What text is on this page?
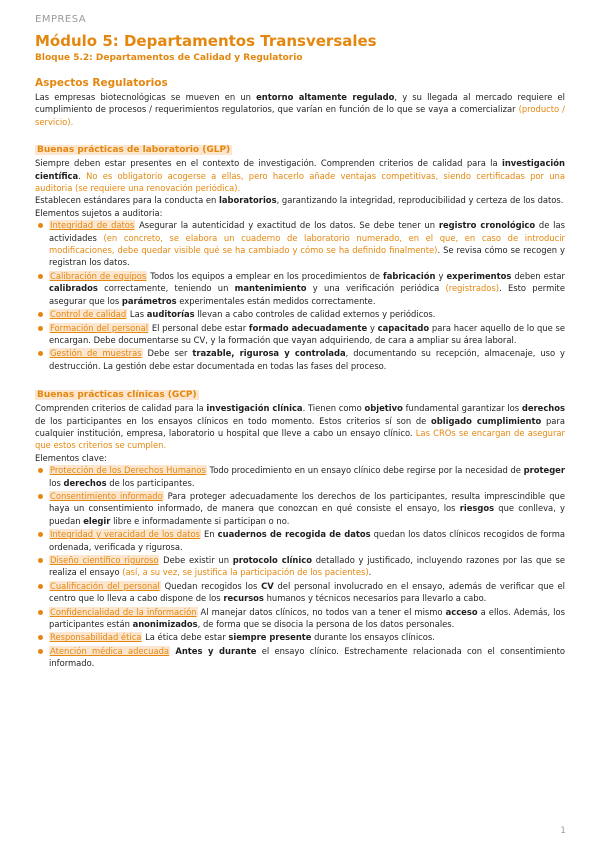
EMPRESA
Módulo 5: Departamentos Transversales
Bloque 5.2: Departamentos de Calidad y Regulatorio
Aspectos Regulatorios

Las empresas biotecnológicas se mueven en un entorno altamente regulado, y su llegada al mercado requiere el cumplimiento de procesos / requerimientos regulatorios, que varían en función de lo que se vaya a comercializar (producto / servicio).

Buenas prácticas de laboratorio (GLP)

Siempre deben estar presentes en el contexto de investigación. Comprenden criterios de calidad para la investigación científica. No es obligatorio acogerse a ellas, pero hacerlo añade ventajas competitivas, siendo certificadas por una auditoria (se requiere una renovación periódica).

Establecen estándares para la conducta en laboratorios, garantizando la integridad, reproducibilidad y certeza de los datos.

Elementos sujetos a auditoria:

Integridad de datos Asegurar la autenticidad y exactitud de los datos. Se debe tener un registro cronológico de las actividades (en concreto, se elabora un cuaderno de laboratorio numerado, en el que, en caso de introducir modificaciones, debe quedar visible qué se ha cambiado y cómo se ha definido finalmente). Se revisa cómo se recogen y registran los datos.
Calibración de equipos Todos los equipos a emplear en los procedimientos de fabricación y experimentos deben estar calibrados correctamente, teniendo un mantenimiento y una verificación periódica (registrados). Esto permite asegurar que los parámetros experimentales están medidos correctamente.
Control de calidad Las auditorías llevan a cabo controles de calidad externos y periódicos.
Formación del personal El personal debe estar formado adecuadamente y capacitado para hacer aquello de lo que se encargan. Debe documentarse su CV, y la formación que vayan adquiriendo, de cara a ampliar su área laboral.
Gestión de muestras Debe ser trazable, rigurosa y controlada, documentando su recepción, almacenaje, uso y destrucción. La gestión debe estar documentada en todas las fases del proceso.
Buenas prácticas clínicas (GCP)

Comprenden criterios de calidad para la investigación clínica. Tienen como objetivo fundamental garantizar los derechos de los participantes en los ensayos clínicos en todo momento. Estos criterios sí son de obligado cumplimiento para cualquier institución, empresa, laboratorio u hospital que lleve a cabo un ensayo clínico. Las CROs se encargan de asegurar que estos criterios se cumplen.

Elementos clave:

Protección de los Derechos Humanos Todo procedimiento en un ensayo clínico debe regirse por la necesidad de proteger los derechos de los participantes.
Consentimiento informado Para proteger adecuadamente los derechos de los participantes, resulta imprescindible que haya un consentimiento informado, de manera que conozcan en qué consiste el ensayo, los riesgos que conlleva, y puedan elegir libre e informadamente si participan o no.
Integridad y veracidad de los datos En cuadernos de recogida de datos quedan los datos clínicos recogidos de forma ordenada, verificada y rigurosa.
Diseño científico riguroso Debe existir un protocolo clínico detallado y justificado, incluyendo razones por las que se realiza el ensayo (así, a su vez, se justifica la participación de los pacientes).
Cualificación del personal Quedan recogidos los CV del personal involucrado en el ensayo, además de verificar que el centro que lo lleva a cabo dispone de los recursos humanos y técnicos necesarios para llevarlo a cabo.
Confidencialidad de la información Al manejar datos clínicos, no todos van a tener el mismo acceso a ellos. Además, los participantes están anonimizados, de forma que se disocia la persona de los datos personales.
Responsabilidad ética La ética debe estar siempre presente durante los ensayos clínicos.
Atención médica adecuada Antes y durante el ensayo clínico. Estrechamente relacionada con el consentimiento informado.
1
